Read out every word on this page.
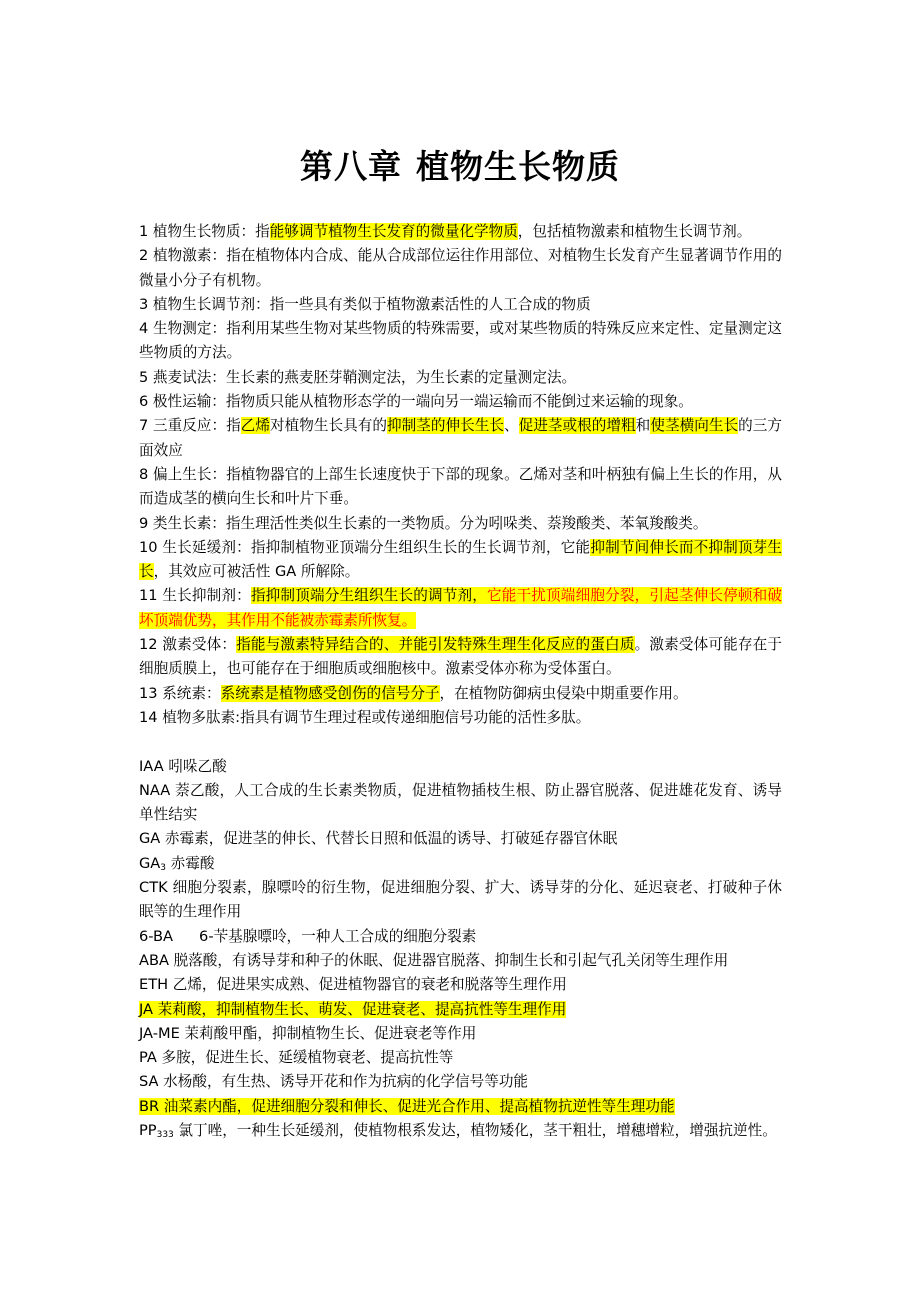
第八章 植物生长物质

1 植物生长物质：指能够调节植物生长发育的微量化学物质，包括植物激素和植物生长调节剂。

2 植物激素：指在植物体内合成、能从合成部位运往作用部位、对植物生长发育产生显著调节作用的微量小分子有机物。

3 植物生长调节剂：指一些具有类似于植物激素活性的人工合成的物质

4 生物测定：指利用某些生物对某些物质的特殊需要，或对某些物质的特殊反应来定性、定量测定这些物质的方法。

5 燕麦试法：生长素的燕麦胚芽鞘测定法，为生长素的定量测定法。

6 极性运输：指物质只能从植物形态学的一端向另一端运输而不能倒过来运输的现象。

7 三重反应：指乙烯对植物生长具有的抑制茎的伸长生长、促进茎或根的增粗和使茎横向生长的三方面效应

8 偏上生长：指植物器官的上部生长速度快于下部的现象。乙烯对茎和叶柄独有偏上生长的作用，从而造成茎的横向生长和叶片下垂。

9 类生长素：指生理活性类似生长素的一类物质。分为吲哚类、萘羧酸类、苯氧羧酸类。

10 生长延缓剂：指抑制植物亚顶端分生组织生长的生长调节剂，它能抑制节间伸长而不抑制顶芽生长，其效应可被活性 GA 所解除。

11 生长抑制剂：指抑制顶端分生组织生长的调节剂，它能干扰顶端细胞分裂，引起茎伸长停顿和破坏顶端优势，其作用不能被赤霉素所恢复。

12 激素受体：指能与激素特异结合的、并能引发特殊生理生化反应的蛋白质。激素受体可能存在于细胞质膜上，也可能存在于细胞质或细胞核中。激素受体亦称为受体蛋白。

13 系统素：系统素是植物感受创伤的信号分子，在植物防御病虫侵染中期重要作用。

14 植物多肽素:指具有调节生理过程或传递细胞信号功能的活性多肽。

IAA 吲哚乙酸

NAA 萘乙酸，人工合成的生长素类物质，促进植物插枝生根、防止器官脱落、促进雄花发育、诱导单性结实

GA 赤霉素，促进茎的伸长、代替长日照和低温的诱导、打破延存器官休眠

$GA_3$ 赤霉酸

CTK 细胞分裂素，腺嘌呤的衍生物，促进细胞分裂、扩大、诱导芽的分化、延迟衰老、打破种子休眠等的生理作用

6-BA 6-苄基腺嘌呤，一种人工合成的细胞分裂素

ABA 脱落酸，有诱导芽和种子的休眠、促进器官脱落、抑制生长和引起气孔关闭等生理作用

ETH 乙烯，促进果实成熟、促进植物器官的衰老和脱落等生理作用

JA 茉莉酸，抑制植物生长、萌发、促进衰老、提高抗性等生理作用

JA-ME 茉莉酸甲酯，抑制植物生长、促进衰老等作用

PA 多胺，促进生长、延缓植物衰老、提高抗性等

SA 水杨酸，有生热、诱导开花和作为抗病的化学信号等功能

BR 油菜素内酯，促进细胞分裂和伸长、促进光合作用、提高植物抗逆性等生理功能

$PP_{333}$ 氯丁唑，一种生长延缓剂，使植物根系发达，植物矮化，茎干粗壮，增穗增粒，增强抗逆性。
